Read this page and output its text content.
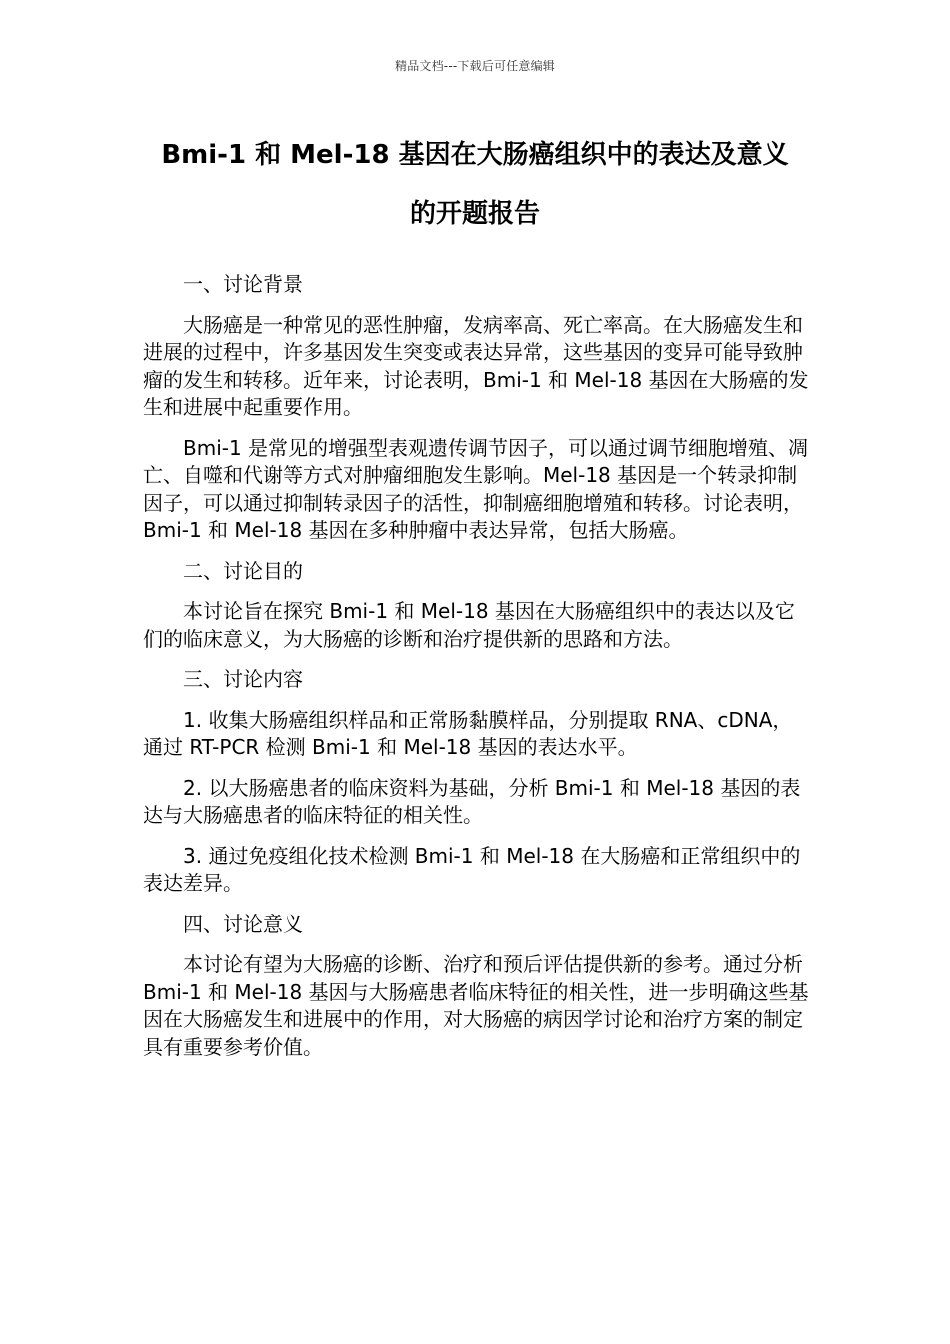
精品文档---下载后可任意编辑
Bmi-1 和 Mel-18 基因在大肠癌组织中的表达及意义
的开题报告
一、讨论背景

大肠癌是一种常见的恶性肿瘤，发病率高、死亡率高。在大肠癌发生和进展的过程中，许多基因发生突变或表达异常，这些基因的变异可能导致肿瘤的发生和转移。近年来，讨论表明，Bmi-1 和 Mel-18 基因在大肠癌的发生和进展中起重要作用。

Bmi-1 是常见的增强型表观遗传调节因子，可以通过调节细胞增殖、凋亡、自噬和代谢等方式对肿瘤细胞发生影响。Mel-18 基因是一个转录抑制因子，可以通过抑制转录因子的活性，抑制癌细胞增殖和转移。讨论表明，Bmi-1 和 Mel-18 基因在多种肿瘤中表达异常，包括大肠癌。

二、讨论目的

本讨论旨在探究 Bmi-1 和 Mel-18 基因在大肠癌组织中的表达以及它们的临床意义，为大肠癌的诊断和治疗提供新的思路和方法。

三、讨论内容

1. 收集大肠癌组织样品和正常肠黏膜样品，分别提取 RNA、cDNA，通过 RT-PCR 检测 Bmi-1 和 Mel-18 基因的表达水平。

2. 以大肠癌患者的临床资料为基础，分析 Bmi-1 和 Mel-18 基因的表达与大肠癌患者的临床特征的相关性。

3. 通过免疫组化技术检测 Bmi-1 和 Mel-18 在大肠癌和正常组织中的表达差异。

四、讨论意义

本讨论有望为大肠癌的诊断、治疗和预后评估提供新的参考。通过分析 Bmi-1 和 Mel-18 基因与大肠癌患者临床特征的相关性，进一步明确这些基因在大肠癌发生和进展中的作用，对大肠癌的病因学讨论和治疗方案的制定具有重要参考价值。
